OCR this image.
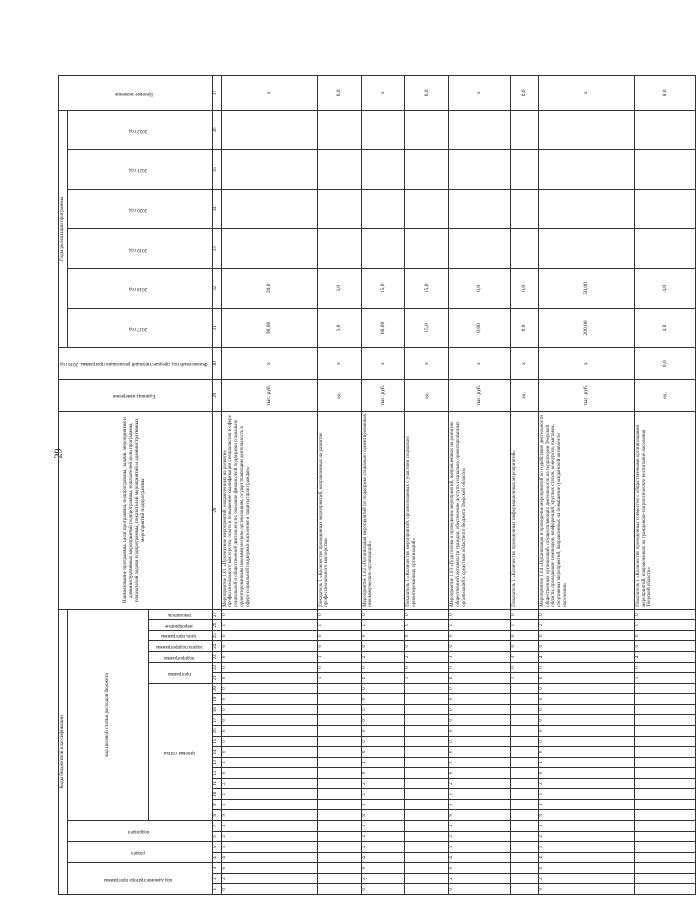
29
Коды бюджетной классификации																											Наименование программы, цели программы, подпрограммы, задачи, мероприятия и административных мероприятий подпрограммы, показателей цели программы, показателей задачи подпрограммы, показателей мероприятий и административных мероприятий подпрограммы	Единица измерения	Финансовый год, предшествующий реализации программы, 2016 год	Годы реализации программы						Целевое значение
код администратора программы			раздел		подраздел		код целевой статьи расходов бюджета																							2017 год	2018 год	2019 год	2020 год	2021 год	2022 год	
							целевая статья													программа		подпрограмма	задача подпрограммы	цель программы	мероприятие	показатель										
1	2	3	4	5	6	7	8	9	10	11	12	13	14	15	16	17	18	19	20	21	22	23	24	25	26	27	28	29	30	31	32	33	34	35	36	37
0	2	0	4	1	2	1	9	1	1	2	0	1	0	0	0	0	0	0	0	0	0	0	0	0	1	0	Мероприятие 1.01 «Проведение мероприятий, направленных на развитие профессионального мастерства, опыта и повышение квалификации специалистов в сфере социальной и общественной деятельности, оказание финансовой поддержки социально ориентированным некоммерческим организациям, осуществляющим деятельность в сфере социальной поддержки населения и защиты прав граждан»	тыс. руб.	х	90,00	20,0					х
																				1	0	1	0	0	1	0	Показатель 1 «Количество проведенных мероприятий, направленных на развитие профессионального мастерства»	ед.	х	3,0	3,0					6,0
0	2	0	4	1	2	1	9	1	1	2	0	1	0	0	0	0	0	0	0	0	0	2	0	0	1	0	Мероприятие 1.02 «Организация мероприятий по поддержке социально ориентированных некоммерческих организаций»	тыс. руб.	х	60,00	15,0					х
																				1	0	2	0	0	1	0	Показатель 1 «Количество мероприятий, организованных с участием социально ориентированных организаций»	ед.	х	15,0	15,0					6,0
0	2	0	4	1	2	1	9	1	1	2	0	1	0	0	0	0	0	0	0	0	0	3	0	0	1	0	Мероприятие 1.03 «Подготовка и проведение мероприятий, направленных на развитие общественной активности граждан, обеспечение доступа социально ориентированных организаций к средствам областного бюджета Тверской области»	тыс. руб.	х	0,00	0,0					х
																				1	0	3	0	0	1	0	Показатель 1 «Количество проведенных информационных мероприятий»	ед.	х	0,0	0,0					0,0
0	2	0	4	1	2	1	9	1	1	2	0	1	0	0	0	0	0	0	0	0	0	4	0	0	2	0	Мероприятие 1.04 «Организация и проведение мероприятий по содействию деятельности общественных организаций, осуществляющих деятельность на территории Тверской области, проведению семинаров, конференций, круглых столов, конкурсов, выставок, спортивных мероприятий, направленных на повышение гражданской активности населения»	тыс. руб.	х	200,00	50,00					х
																				1	0	4	0	0	1	0	Показатель 1 «Количество проведенных совместно с общественными организациями мероприятий, направленных на гражданско-патриотическое воспитание населения Тверской области»	ед.	0,0	4,0	4,0					8,0
